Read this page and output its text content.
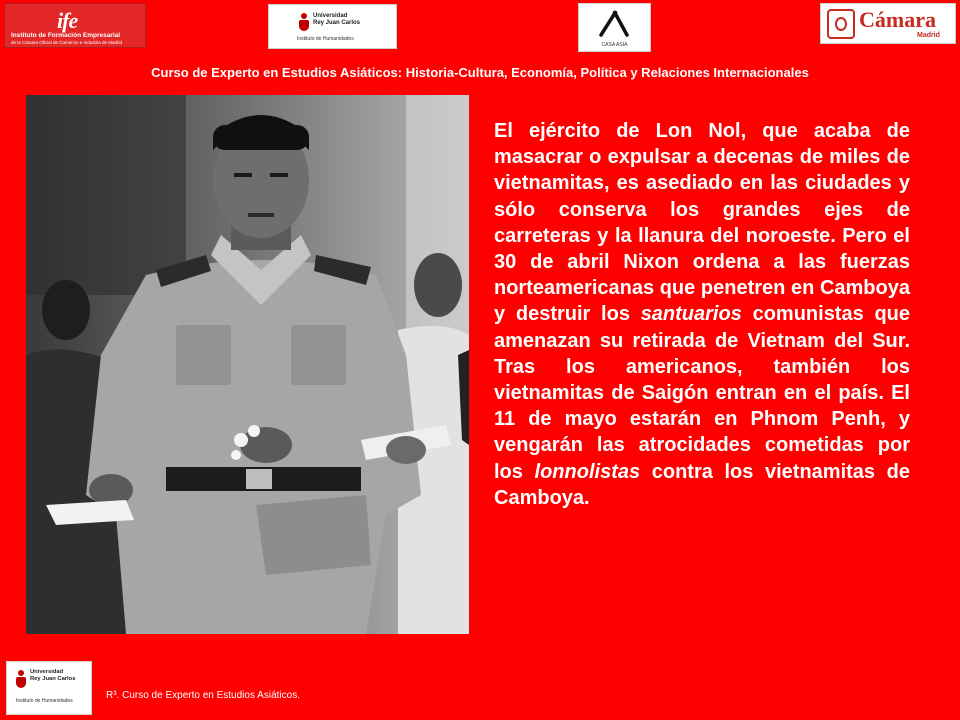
ife
Instituto de Formación Empresarial
de la Cámara Oficial de Comercio e Industria de Madrid
Universidad
Rey Juan Carlos
Instituto de Humanidades
CASA ASIA
Cámara
Madrid
Curso de Experto en Estudios Asiáticos: Historia-Cultura, Economía, Política y Relaciones Internacionales
El ejército de Lon Nol, que acaba de masacrar o expulsar a decenas de miles de vietnamitas, es asediado en las ciudades y sólo conserva los grandes ejes de carreteras y la llanura del noroeste. Pero el 30 de abril Nixon ordena a las fuerzas norteamericanas que penetren en Camboya y destruir los santuarios comunistas que amenazan su retirada de Vietnam del Sur. Tras los americanos, también los vietnamitas de Saigón entran en el país. El 11 de mayo estarán en Phnom Penh, y vengarán las atrocidades cometidas por los lonnolistas contra los vietnamitas de Camboya.
Universidad
Rey Juan Carlos
Instituto de Humanidades	R³. Curso de Experto en Estudios Asiáticos.
